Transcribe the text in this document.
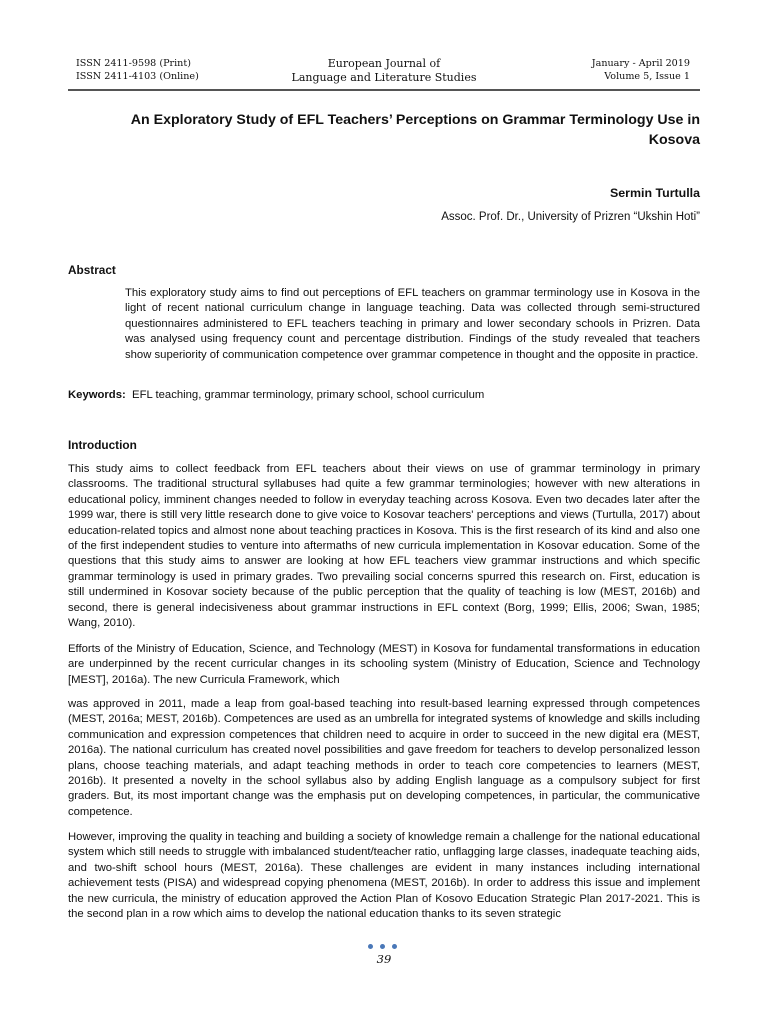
ISSN 2411-9598 (Print)
ISSN 2411-4103 (Online)
European Journal of
Language and Literature Studies
January - April 2019
Volume 5, Issue 1
An Exploratory Study of EFL Teachers’ Perceptions on Grammar Terminology Use in Kosova
Sermin Turtulla
Assoc. Prof. Dr., University of Prizren “Ukshin Hoti”
Abstract

This exploratory study aims to find out perceptions of EFL teachers on grammar terminology use in Kosova in the light of recent national curriculum change in language teaching. Data was collected through semi-structured questionnaires administered to EFL teachers teaching in primary and lower secondary schools in Prizren. Data was analysed using frequency count and percentage distribution. Findings of the study revealed that teachers show superiority of communication competence over grammar competence in thought and the opposite in practice.

Keywords: EFL teaching, grammar terminology, primary school, school curriculum

Introduction

This study aims to collect feedback from EFL teachers about their views on use of grammar terminology in primary classrooms. The traditional structural syllabuses had quite a few grammar terminologies; however with new alterations in educational policy, imminent changes needed to follow in everyday teaching across Kosova. Even two decades later after the 1999 war, there is still very little research done to give voice to Kosovar teachers' perceptions and views (Turtulla, 2017) about education-related topics and almost none about teaching practices in Kosova. This is the first research of its kind and also one of the first independent studies to venture into aftermaths of new curricula implementation in Kosovar education. Some of the questions that this study aims to answer are looking at how EFL teachers view grammar instructions and which specific grammar terminology is used in primary grades. Two prevailing social concerns spurred this research on. First, education is still undermined in Kosovar society because of the public perception that the quality of teaching is low (MEST, 2016b) and second, there is general indecisiveness about grammar instructions in EFL context (Borg, 1999; Ellis, 2006; Swan, 1985; Wang, 2010).

Efforts of the Ministry of Education, Science, and Technology (MEST) in Kosova for fundamental transformations in education are underpinned by the recent curricular changes in its schooling system (Ministry of Education, Science and Technology [MEST], 2016a). The new Curricula Framework, which

was approved in 2011, made a leap from goal-based teaching into result-based learning expressed through competences (MEST, 2016a; MEST, 2016b). Competences are used as an umbrella for integrated systems of knowledge and skills including communication and expression competences that children need to acquire in order to succeed in the new digital era (MEST, 2016a). The national curriculum has created novel possibilities and gave freedom for teachers to develop personalized lesson plans, choose teaching materials, and adapt teaching methods in order to teach core competencies to learners (MEST, 2016b). It presented a novelty in the school syllabus also by adding English language as a compulsory subject for first graders. But, its most important change was the emphasis put on developing competences, in particular, the communicative competence.

However, improving the quality in teaching and building a society of knowledge remain a challenge for the national educational system which still needs to struggle with imbalanced student/teacher ratio, unflagging large classes, inadequate teaching aids, and two-shift school hours (MEST, 2016a). These challenges are evident in many instances including international achievement tests (PISA) and widespread copying phenomena (MEST, 2016b). In order to address this issue and implement the new curricula, the ministry of education approved the Action Plan of Kosovo Education Strategic Plan 2017-2021. This is the second plan in a row which aims to develop the national education thanks to its seven strategic

39
